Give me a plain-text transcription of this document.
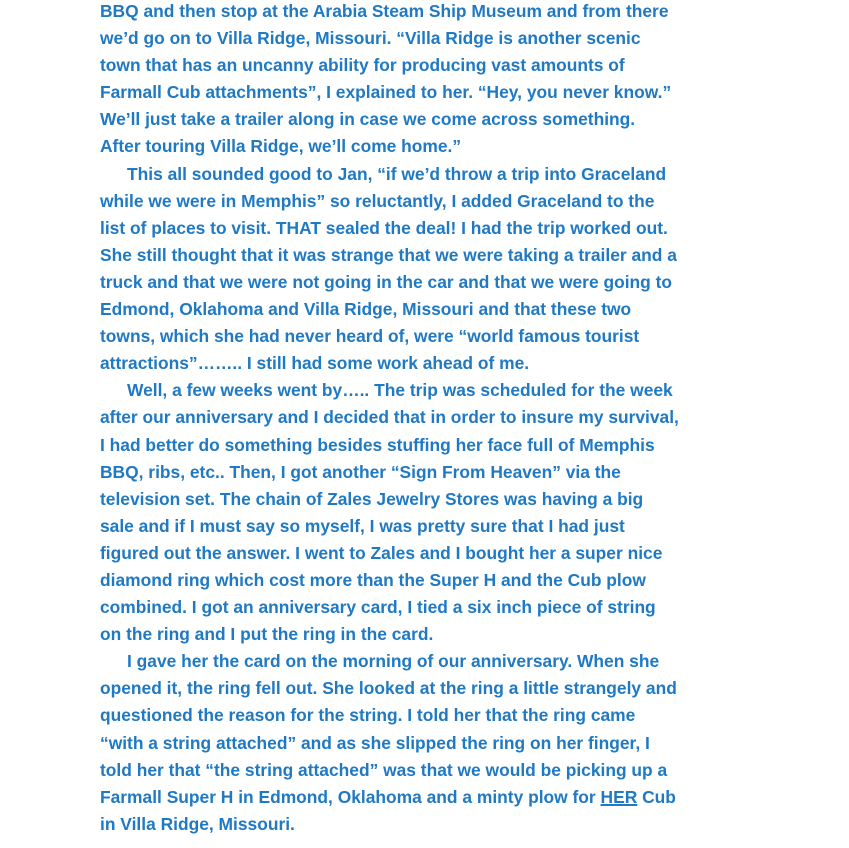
BBQ and then stop at the Arabia Steam Ship Museum and from there
we’d go on to Villa Ridge, Missouri. “Villa Ridge is another scenic
town that has an uncanny ability for producing vast amounts of
Farmall Cub attachments”, I explained to her. “Hey, you never know.”
We’ll just take a trailer along in case we come across something.
After touring Villa Ridge, we’ll come home.”
This all sounded good to Jan, “if we’d throw a trip into Graceland
while we were in Memphis” so reluctantly, I added Graceland to the
list of places to visit. THAT sealed the deal! I had the trip worked out.
She still thought that it was strange that we were taking a trailer and a
truck and that we were not going in the car and that we were going to
Edmond, Oklahoma and Villa Ridge, Missouri and that these two
towns, which she had never heard of, were “world famous tourist
attractions”…….. I still had some work ahead of me.
Well, a few weeks went by….. The trip was scheduled for the week
after our anniversary and I decided that in order to insure my survival,
I had better do something besides stuffing her face full of Memphis
BBQ, ribs, etc.. Then, I got another “Sign From Heaven” via the
television set. The chain of Zales Jewelry Stores was having a big
sale and if I must say so myself, I was pretty sure that I had just
figured out the answer. I went to Zales and I bought her a super nice
diamond ring which cost more than the Super H and the Cub plow
combined. I got an anniversary card, I tied a six inch piece of string
on the ring and I put the ring in the card.
I gave her the card on the morning of our anniversary. When she
opened it, the ring fell out. She looked at the ring a little strangely and
questioned the reason for the string. I told her that the ring came
“with a string attached” and as she slipped the ring on her finger, I
told her that “the string attached” was that we would be picking up a
Farmall Super H in Edmond, Oklahoma and a minty plow for HER Cub
in Villa Ridge, Missouri.
